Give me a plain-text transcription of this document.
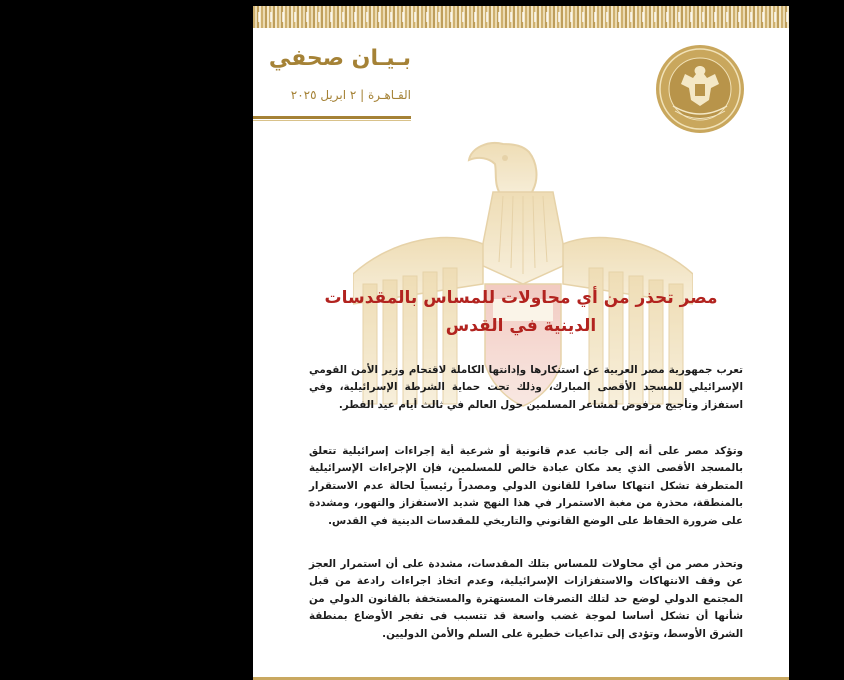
بـيـان صحفي
القـاهـرة | ٢ ابريل ٢٠٢٥
مصر تحذر من أي محاولات للمساس بالمقدسات
الدينية في القدس
تعرب جمهورية مصر العربية عن استنكارها وإدانتها الكاملة لاقتحام وزير الأمن القومي الإسرائيلي للمسجد الأقصى المبارك، وذلك تحت حماية الشرطة الإسرائيلية، وفي استفزاز وتأجيج مرفوض لمشاعر المسلمين حول العالم في ثالث أيام عيد الفطر.
وتؤكد مصر على أنه إلى جانب عدم قانونية أو شرعية أية إجراءات إسرائيلية تتعلق بالمسجد الأقصى الذي يعد مكان عبادة خالص للمسلمين، فإن الإجراءات الإسرائيلية المتطرفة تشكل انتهاكا سافرا للقانون الدولي ومصدراً رئيسياً لحالة عدم الاستقرار بالمنطقة، محذرة من مغبة الاستمرار في هذا النهج شديد الاستفزاز والتهور، ومشددة على ضرورة الحفاظ على الوضع القانوني والتاريخي للمقدسات الدينية في القدس.
وتحذر مصر من أي محاولات للمساس بتلك المقدسات، مشددة على أن استمرار العجز عن وقف الانتهاكات والاستفزازات الإسرائيلية، وعدم اتخاذ اجراءات رادعة من قبل المجتمع الدولي لوضع حد لتلك التصرفات المستهترة والمستخفة بالقانون الدولي من شأنها أن تشكل أساسا لموجة غضب واسعة قد تتسبب فى تفجر الأوضاع بمنطقة الشرق الأوسط، وتؤدى إلى تداعيات خطيرة على السلم والأمن الدوليين.
